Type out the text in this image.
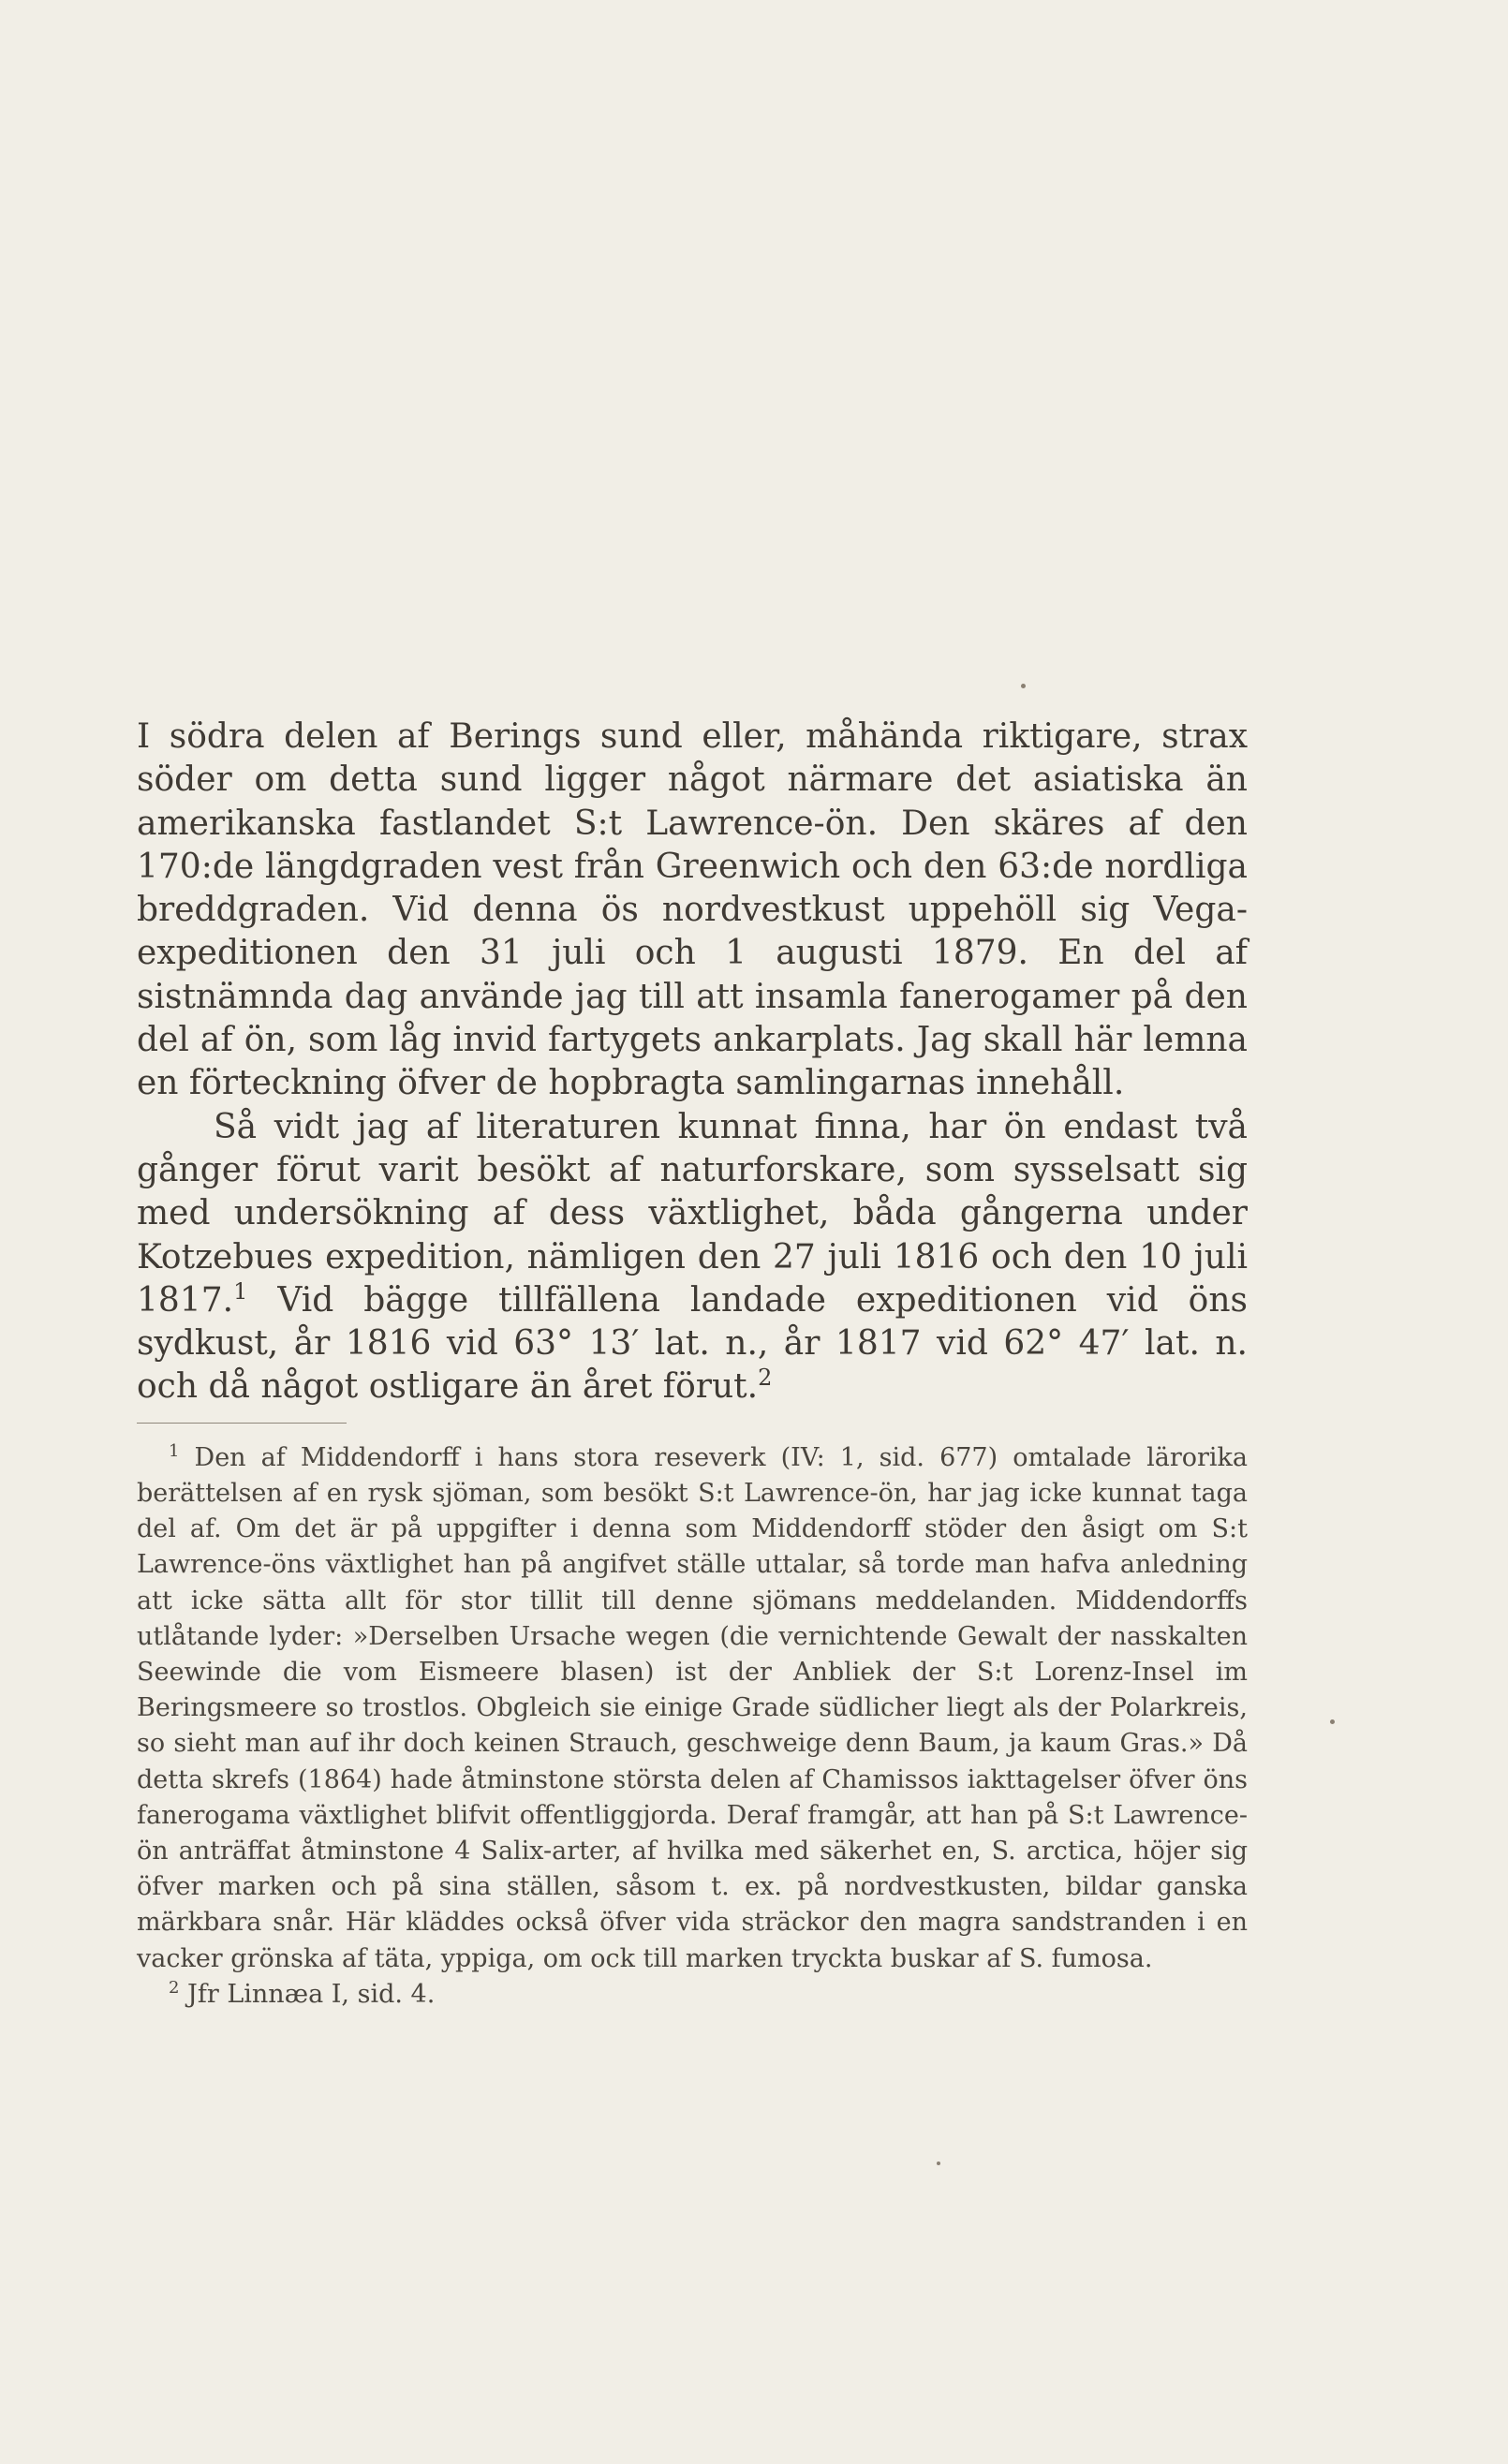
I södra delen af Berings sund eller, måhända riktigare, strax söder om detta sund ligger något närmare det asiatiska än amerikanska fastlandet S:t Lawrence-ön. Den skäres af den 170:de längdgraden vest från Greenwich och den 63:de nordliga breddgraden. Vid denna ös nordvestkust uppehöll sig Vega-expeditionen den 31 juli och 1 augusti 1879. En del af sistnämnda dag använde jag till att insamla fanerogamer på den del af ön, som låg invid fartygets ankarplats. Jag skall här lemna en förteckning öfver de hopbragta samlingarnas innehåll.

Så vidt jag af literaturen kunnat finna, har ön endast två gånger förut varit besökt af naturforskare, som sysselsatt sig med undersökning af dess växtlighet, båda gångerna under Kotzebues expedition, nämligen den 27 juli 1816 och den 10 juli 1817.$^1$ Vid bägge tillfällena landade expeditionen vid öns sydkust, år 1816 vid 63° 13′ lat. n., år 1817 vid 62° 47′ lat. n. och då något ostligare än året förut.$^2$

$^1$ Den af Middendorff i hans stora reseverk (IV: 1, sid. 677) omtalade lärorika berättelsen af en rysk sjöman, som besökt S:t Lawrence-ön, har jag icke kunnat taga del af. Om det är på uppgifter i denna som Middendorff stöder den åsigt om S:t Lawrence-öns växtlighet han på angifvet ställe uttalar, så torde man hafva anledning att icke sätta allt för stor tillit till denne sjömans meddelanden. Middendorffs utlåtande lyder: »Derselben Ursache wegen (die vernichtende Gewalt der nasskalten Seewinde die vom Eismeere blasen) ist der Anbliek der S:t Lorenz-Insel im Beringsmeere so trostlos. Obgleich sie einige Grade südlicher liegt als der Polarkreis, so sieht man auf ihr doch keinen Strauch, geschweige denn Baum, ja kaum Gras.» Då detta skrefs (1864) hade åtminstone största delen af Chamissos iakttagelser öfver öns fanerogama växtlighet blifvit offentliggjorda. Deraf framgår, att han på S:t Lawrence-ön anträffat åtminstone 4 Salix-arter, af hvilka med säkerhet en, S. arctica, höjer sig öfver marken och på sina ställen, såsom t. ex. på nordvestkusten, bildar ganska märkbara snår. Här kläddes också öfver vida sträckor den magra sandstranden i en vacker grönska af täta, yppiga, om ock till marken tryckta buskar af S. fumosa.

$^2$ Jfr Linnæa I, sid. 4.
